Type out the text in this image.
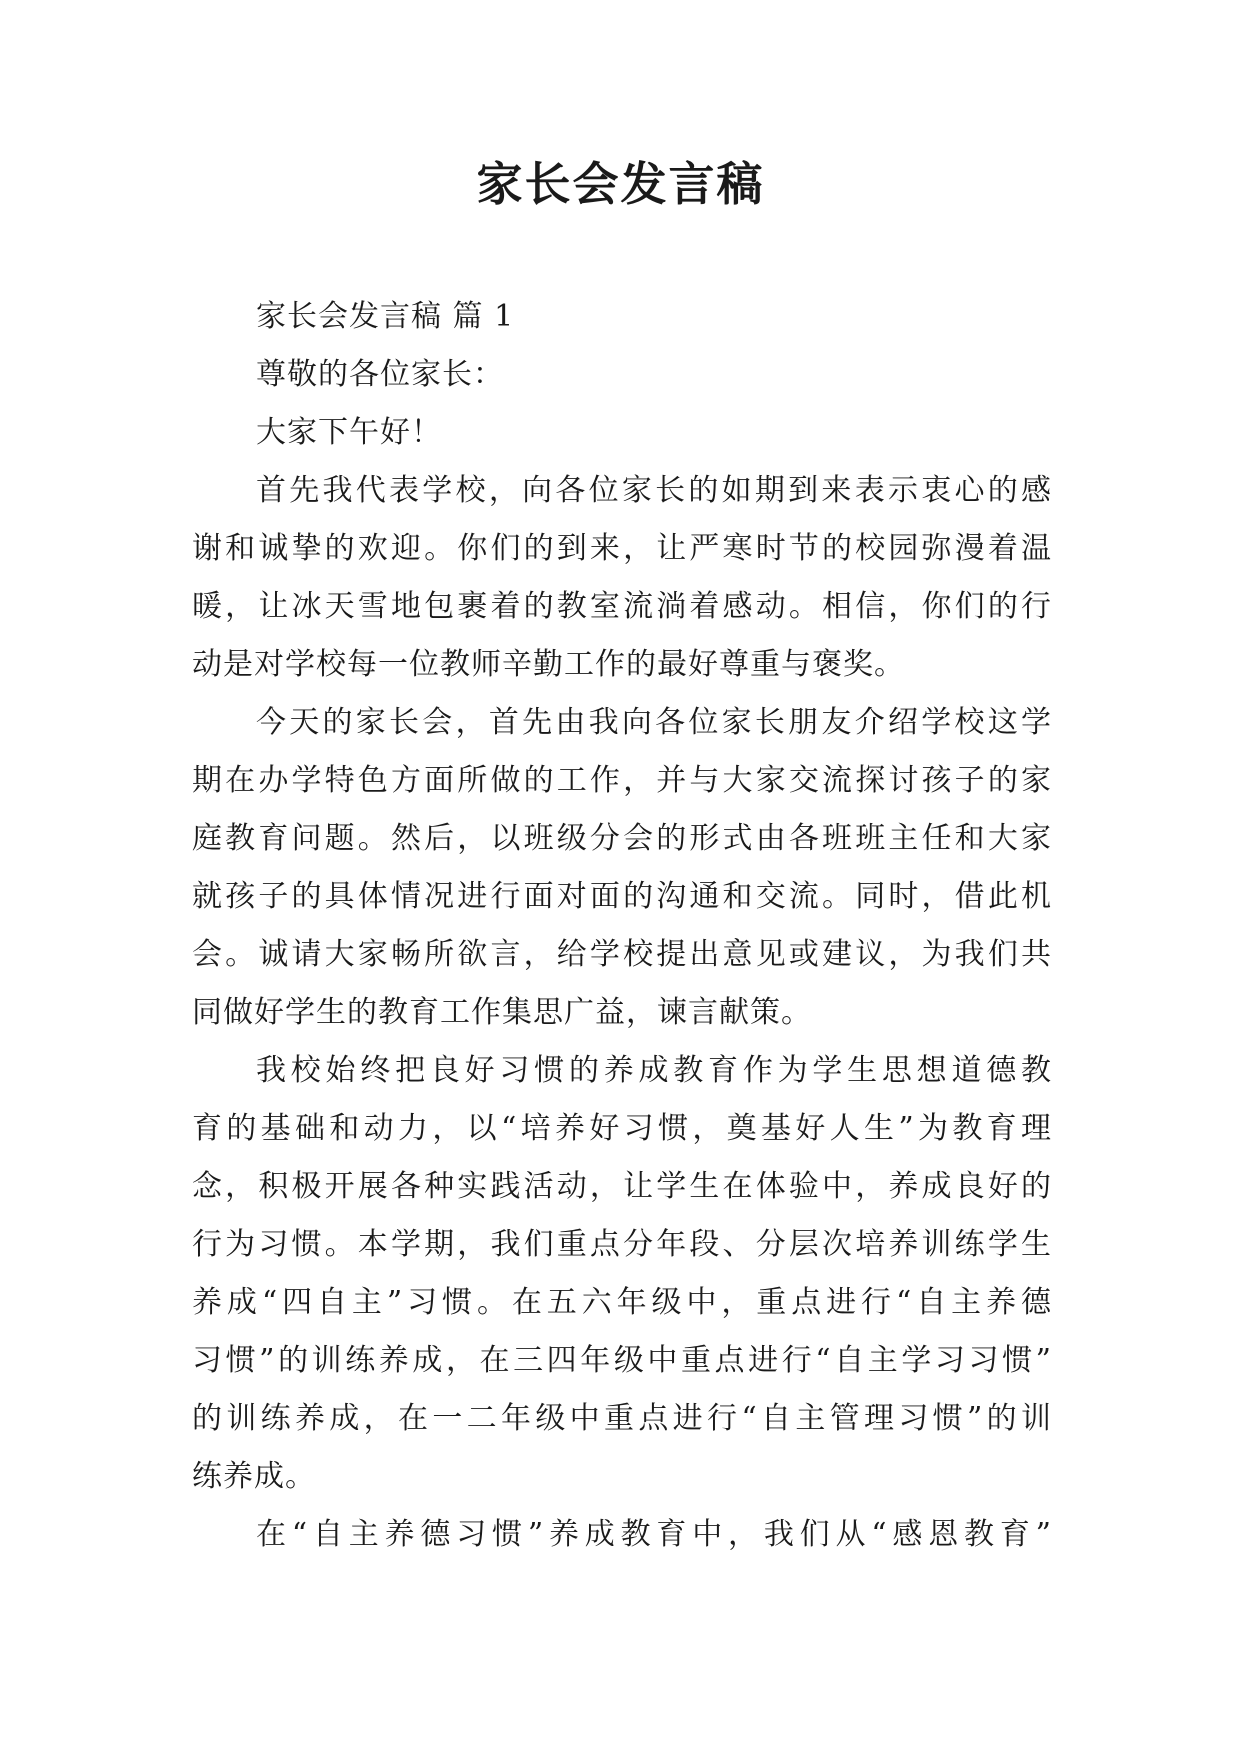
家长会发言稿
家长会发言稿 篇 1
尊敬的各位家长：
大家下午好！
首先我代表学校，向各位家长的如期到来表示衷心的感
谢和诚挚的欢迎。你们的到来，让严寒时节的校园弥漫着温
暖，让冰天雪地包裹着的教室流淌着感动。相信，你们的行
动是对学校每一位教师辛勤工作的最好尊重与褒奖。
今天的家长会，首先由我向各位家长朋友介绍学校这学
期在办学特色方面所做的工作，并与大家交流探讨孩子的家
庭教育问题。然后，以班级分会的形式由各班班主任和大家
就孩子的具体情况进行面对面的沟通和交流。同时，借此机
会。诚请大家畅所欲言，给学校提出意见或建议，为我们共
同做好学生的教育工作集思广益，谏言献策。
我校始终把良好习惯的养成教育作为学生思想道德教
育的基础和动力，以“培养好习惯，奠基好人生”为教育理
念，积极开展各种实践活动，让学生在体验中，养成良好的
行为习惯。本学期，我们重点分年段、分层次培养训练学生
养成“四自主”习惯。在五六年级中，重点进行“自主养德
习惯”的训练养成，在三四年级中重点进行“自主学习习惯”
的训练养成，在一二年级中重点进行“自主管理习惯”的训
练养成。
在“自主养德习惯”养成教育中，我们从“感恩教育”
